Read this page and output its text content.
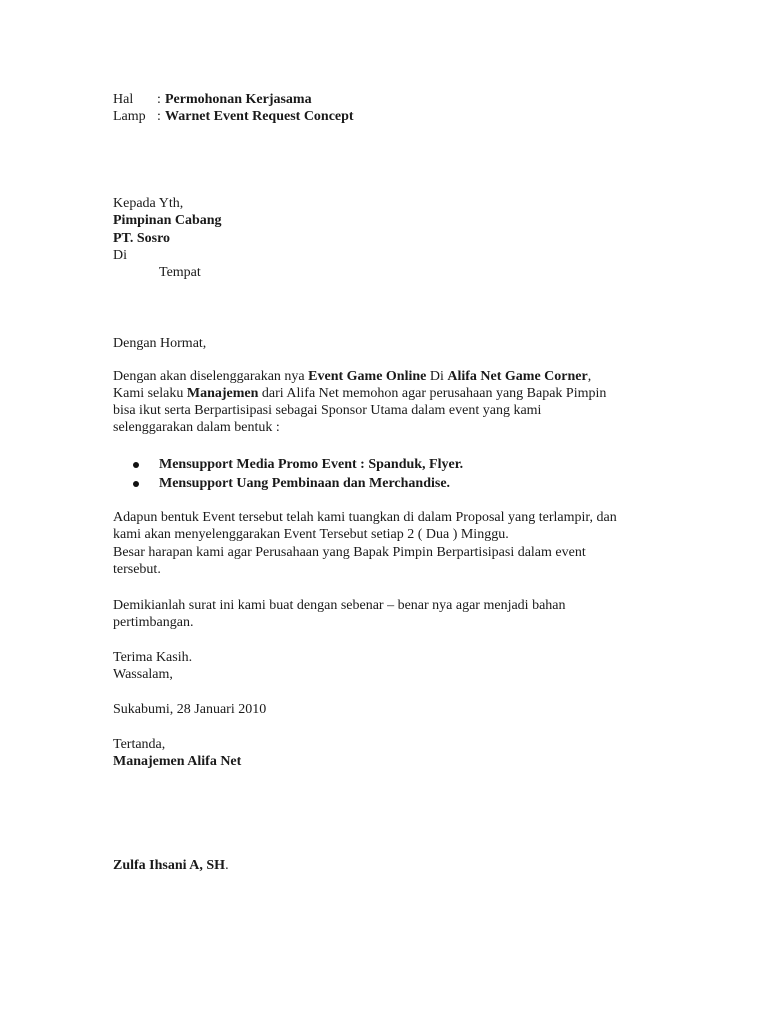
Hal : Permohonan Kerjasama
Lamp : Warnet Event Request Concept
Kepada Yth,
Pimpinan Cabang
PT. Sosro
Di
Tempat
Dengan Hormat,
Dengan akan diselenggarakan nya Event Game Online Di Alifa Net Game Corner,
Kami selaku Manajemen dari Alifa Net memohon agar perusahaan yang Bapak Pimpin
bisa ikut serta Berpartisipasi sebagai Sponsor Utama dalam event yang kami
selenggarakan dalam bentuk :
Mensupport Media Promo Event : Spanduk, Flyer.
Mensupport Uang Pembinaan dan Merchandise.
Adapun bentuk Event tersebut telah kami tuangkan di dalam Proposal yang terlampir, dan
kami akan menyelenggarakan Event Tersebut setiap 2 ( Dua ) Minggu.
Besar harapan kami agar Perusahaan yang Bapak Pimpin Berpartisipasi dalam event
tersebut.
Demikianlah surat ini kami buat dengan sebenar – benar nya agar menjadi bahan
pertimbangan.
Terima Kasih.
Wassalam,
Sukabumi, 28 Januari 2010
Tertanda,
Manajemen Alifa Net
Zulfa Ihsani A, SH.
